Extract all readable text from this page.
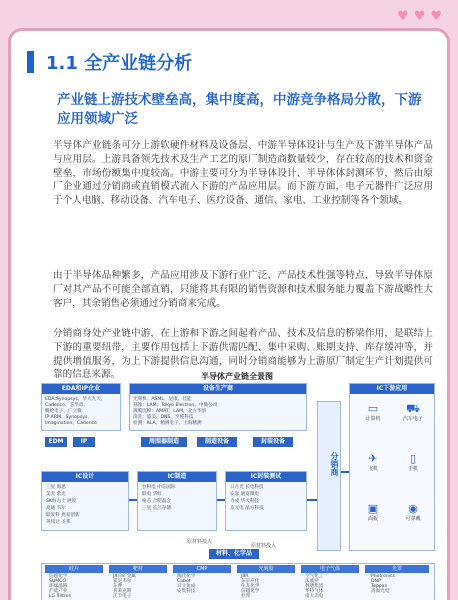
♥ ♥ ♥
1.1 全产业链分析
产业链上游技术壁垒高，集中度高，中游竞争格局分散，下游应用领域广泛

半导体产业链条可分上游软硬件材料及设备层、中游半导体设计与生产及下游半导体产品与应用层。上游具备领先技术及生产工艺的原厂制造商数量较少，存在较高的技术和资金壁垒，市场份额集中度较高。中游主要可分为半导体设计、半导体体封测环节，然后由原厂企业通过分销商或直销模式流入下游的产品应用层。而下游方面，电子元器件广泛应用于个人电脑、移动设备、汽车电子、医疗设备、通信、家电、工业控制等各个领域。

由于半导体品种繁多，产品应用涉及下游行业广泛、产品技术性强等特点，导致半导体原厂对其产品不可能全部直销，只能将其有限的销售资源和技术服务能力覆盖下游战略性大客户，其余销售必须通过分销商来完成。

分销商身处产业链中游，在上游和下游之间起着产品、技术及信息的桥梁作用，是联结上下游的重要纽带，主要作用包括上下游供需匹配、集中采购、账期支持、库存缓冲等，并提供增值服务，为上下游提供信息沟通，同时分销商能够为上游原厂制定生产计划提供可靠的信息来源。	半导体产业链全景图
EDA和IP企业
EDA:Synopsys、华大九天、
Cadence、芯华章、
概伦电子、广立微
IP:ARM、Synopsys、
Imagination、Cadence
设备生产商
光刻机：ASML、尼康、佳能
刻蚀：LAM、Tokyo Electron、中微公司
薄膜沉积：AMAT、LAM、北方华创
清洗：盛美、DNS、至纯科技
检测：KLA、精测电子、上海精测
EDM	IP	周围器制造	制造设备	封装设备
IC设计
三星 海思
美光 紫光
SK海力士 展锐
高通 韦尔
联发科 兆易创新
英伟达 圣邦
IC制造
台积电 中芯国际
联电 华虹
格芯 合肥晶合
三星 长江存储
IC封装测试
日月光 长电科技
安靠 通富微电
力成 华天科技
京元电 晶方科技
分销商
IC下游应用
▭
计算机
⛟
汽车电子
✈
飞机
▯
手机
▣
面板
◉
可穿戴
原材料投入
原材料投入
材料、化学品
硅片
信越化学
SUMCO
环球晶圆
沪硅产业
LG Siltron
靶材
JX日矿金属
霍尼韦尔
东曹
普莱克斯
江丰电子
CMP
陶氏化学
Cabot
日立化成
安集科技
光刻胶
JSR
东京应化
住友化学
信越化学
杜邦
电子气体
空气化工
法液空
林德集团
华特气体
南大光电
光罩
Photronics
DNP
Toppan
清溢光电
